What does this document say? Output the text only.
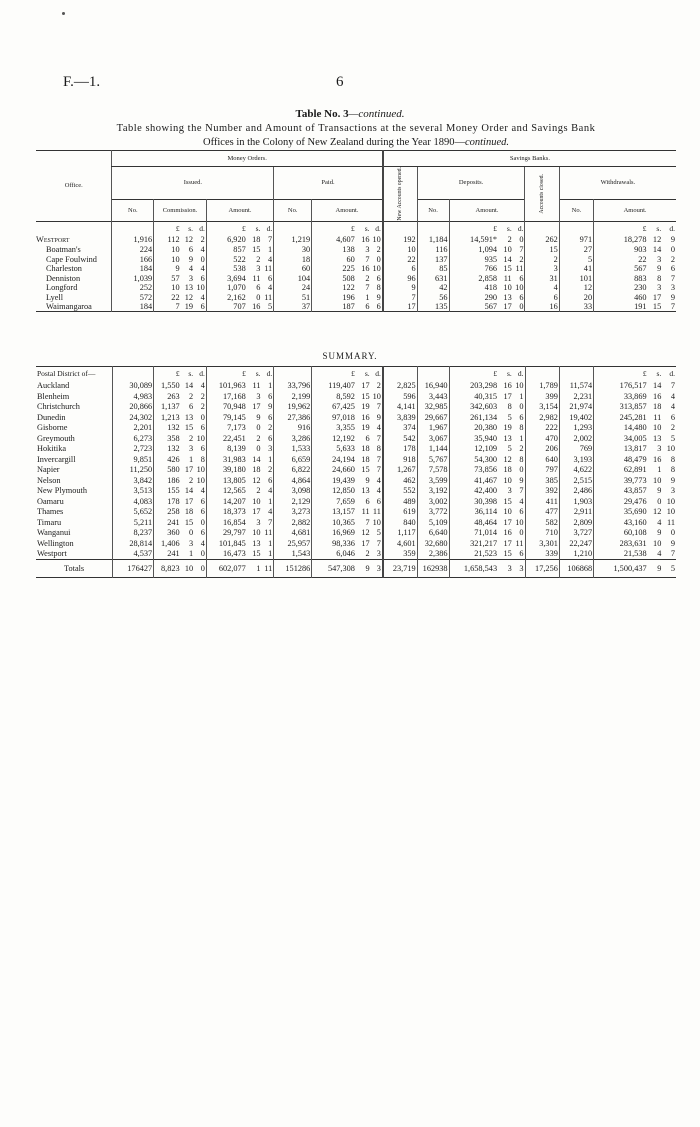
F.—1.	6
Table No. 3—continued.
Table showing the Number and Amount of Transactions at the several Money Order and Savings Bank
Offices in the Colony of New Zealand during the Year 1890—continued.
Office.	Money Orders.											Savings Banks.									
	Issued.							Paid.				New Accounts opened.	Deposits.				Accounts closed.	Withdrawals.			
	No.	Commission.			Amount.			No.	Amount.				No.	Amount.				No.	Amount.		
		£	s.	d.	£	s.	d.		£	s.	d.			£	s.	d.			£	s.	d.
Westport	1,916	112	12	2	6,920	18	7	1,219	4,607	16	10	192	1,184	14,591*	2	0	262	971	18,278	12	9
Boatman's	224	10	6	4	857	15	1	30	138	3	2	10	116	1,094	10	7	15	27	903	14	0
Cape Foulwind	166	10	9	0	522	2	4	18	60	7	0	22	137	935	14	2	2	5	22	3	2
Charleston	184	9	4	4	538	3	11	60	225	16	10	6	85	766	15	11	3	41	567	9	6
Denniston	1,039	57	3	6	3,694	11	6	104	508	2	6	96	631	2,858	11	6	31	101	883	8	7
Longford	252	10	13	10	1,070	6	4	24	122	7	8	9	42	418	10	10	4	12	230	3	3
Lyell	572	22	12	4	2,162	0	11	51	196	1	9	7	56	290	13	6	6	20	460	17	9
Waimangaroa	184	7	19	6	707	16	5	37	187	6	6	17	135	567	17	0	16	33	191	15	7
SUMMARY.
Postal District of—		£	s.	d.	£	s.	d.		£	s.	d.			£	s.	d.			£	s.	d.
Auckland	30,089	1,550	14	4	101,963	11	1	33,796	119,407	17	2	2,825	16,940	203,298	16	10	1,789	11,574	176,517	14	7
Blenheim	4,983	263	2	2	17,168	3	6	2,199	8,592	15	10	596	3,443	40,315	17	1	399	2,231	33,869	16	4
Christchurch	20,866	1,137	6	2	70,948	17	9	19,962	67,425	19	7	4,141	32,985	342,603	8	0	3,154	21,974	313,857	18	4
Dunedin	24,302	1,213	13	0	79,145	9	6	27,386	97,018	16	9	3,839	29,667	261,134	5	6	2,982	19,402	245,281	11	6
Gisborne	2,201	132	15	6	7,173	0	2	916	3,355	19	4	374	1,967	20,380	19	8	222	1,293	14,480	10	2
Greymouth	6,273	358	2	10	22,451	2	6	3,286	12,192	6	7	542	3,067	35,940	13	1	470	2,002	34,005	13	5
Hokitika	2,723	132	3	6	8,139	0	3	1,533	5,633	18	8	178	1,144	12,109	5	2	206	769	13,817	3	10
Invercargill	9,851	426	1	8	31,983	14	1	6,659	24,194	18	7	918	5,767	54,300	12	8	640	3,193	48,479	16	8
Napier	11,250	580	17	10	39,180	18	2	6,822	24,660	15	7	1,267	7,578	73,856	18	0	797	4,622	62,891	1	8
Nelson	3,842	186	2	10	13,805	12	6	4,864	19,439	9	4	462	3,599	41,467	10	9	385	2,515	39,773	10	9
New Plymouth	3,513	155	14	4	12,565	2	4	3,098	12,850	13	4	552	3,192	42,400	3	7	392	2,486	43,857	9	3
Oamaru	4,083	178	17	6	14,207	10	1	2,129	7,659	6	6	489	3,002	30,398	15	4	411	1,903	29,476	0	10
Thames	5,652	258	18	6	18,373	17	4	3,273	13,157	11	11	619	3,772	36,114	10	6	477	2,911	35,690	12	10
Timaru	5,211	241	15	0	16,854	3	7	2,882	10,365	7	10	840	5,109	48,464	17	10	582	2,809	43,160	4	11
Wanganui	8,237	360	0	6	29,797	10	11	4,681	16,969	12	5	1,117	6,640	71,014	16	0	710	3,727	60,108	9	0
Wellington	28,814	1,406	3	4	101,845	13	1	25,957	98,336	17	7	4,601	32,680	321,217	17	11	3,301	22,247	283,631	10	9
Westport	4,537	241	1	0	16,473	15	1	1,543	6,046	2	3	359	2,386	21,523	15	6	339	1,210	21,538	4	7
Totals	176427	8,823	10	0	602,077	1	11	151286	547,308	9	3	23,719	162938	1,658,543	3	3	17,256	106868	1,500,437	9	5
